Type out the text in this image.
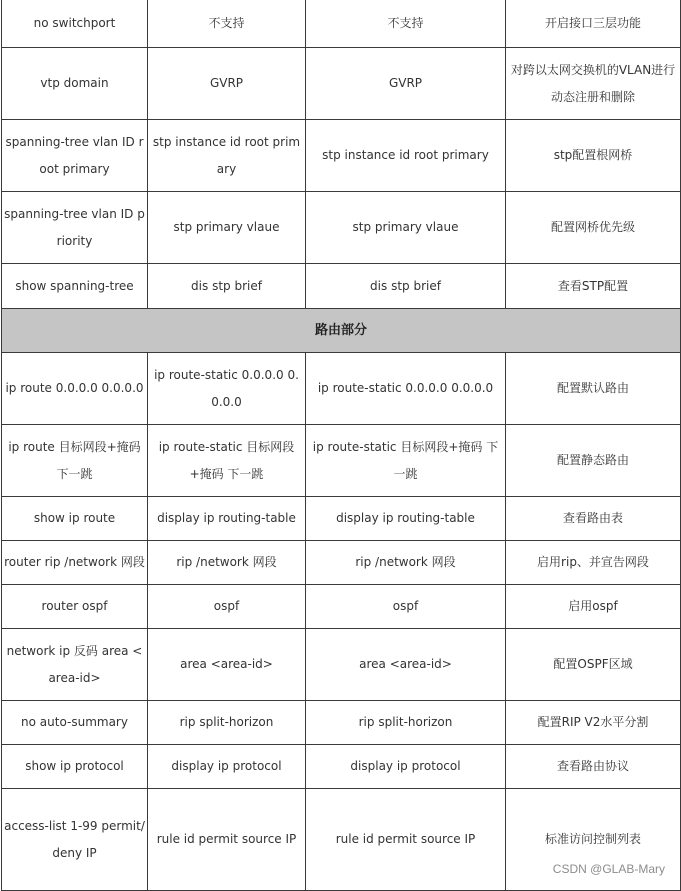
no switchport	不支持	不支持	开启接口三层功能

vtp domain	GVRP	GVRP	对跨以太网交换机的VLAN进行动态注册和删除

spanning-tree vlan ID root primary	stp instance id root primary	stp instance id root primary	stp配置根网桥

spanning-tree vlan ID priority	stp primary vlaue	stp primary vlaue	配置网桥优先级

show spanning-tree	dis stp brief	dis stp brief	查看STP配置

路由部分			

ip route 0.0.0.0 0.0.0.0	ip route-static 0.0.0.0 0.0.0.0	ip route-static 0.0.0.0 0.0.0.0	配置默认路由

ip route 目标网段+掩码 下一跳	ip route-static 目标网段+掩码 下一跳	ip route-static 目标网段+掩码 下一跳	配置静态路由

show ip route	display ip routing-table	display ip routing-table	查看路由表

router rip /network 网段	rip /network 网段	rip /network 网段	启用rip、并宣告网段

router ospf	ospf	ospf	启用ospf

network ip 反码 area <area-id>	area <area-id>	area <area-id>	配置OSPF区域

no auto-summary	rip split-horizon	rip split-horizon	配置RIP V2水平分割

show ip protocol	display ip protocol	display ip protocol	查看路由协议

access-list 1-99 permit/ deny IP	rule id permit source IP	rule id permit source IP	标准访问控制列表
CSDN @GLAB-Mary
